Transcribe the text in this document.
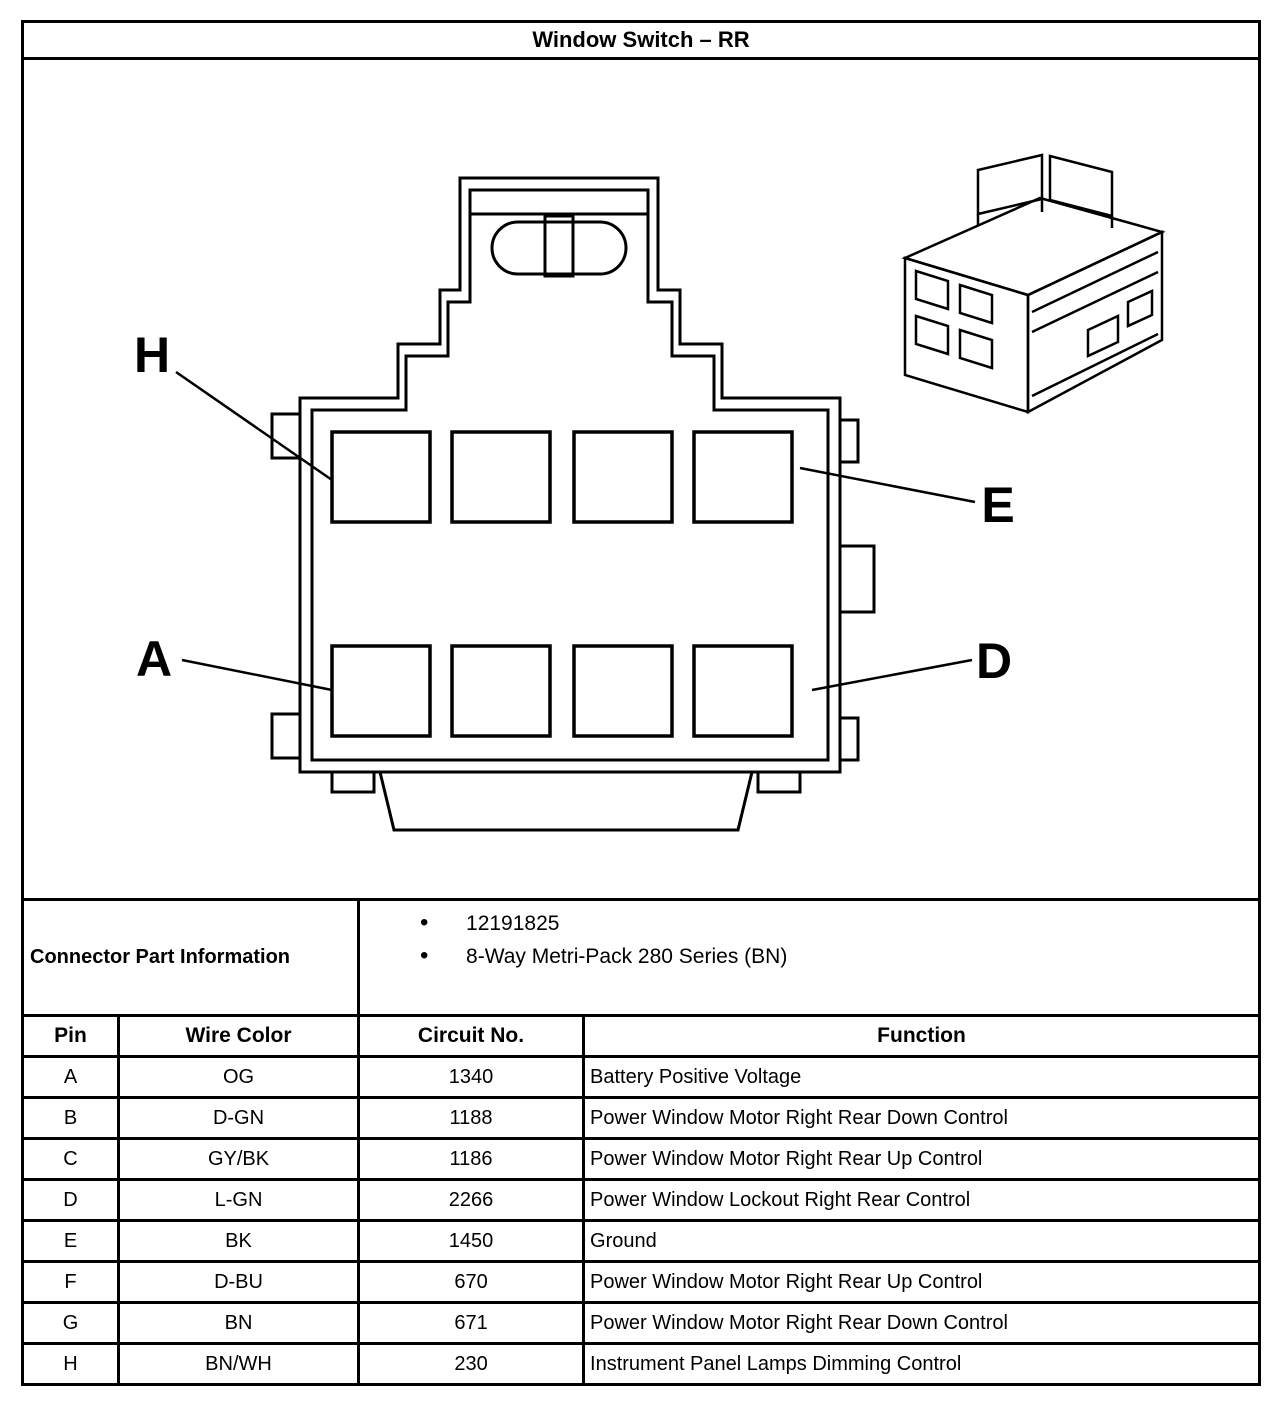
Window Switch – RR
H
A
E
D
Connector Part Information	
• 12191825
• 8-Way Metri-Pack 280 Series (BN)

Pin	Wire Color	Circuit No.	Function
A	OG	1340	Battery Positive Voltage
B	D-GN	1188	Power Window Motor Right Rear Down Control
C	GY/BK	1186	Power Window Motor Right Rear Up Control
D	L-GN	2266	Power Window Lockout Right Rear Control
E	BK	1450	Ground
F	D-BU	670	Power Window Motor Right Rear Up Control
G	BN	671	Power Window Motor Right Rear Down Control
H	BN/WH	230	Instrument Panel Lamps Dimming Control
